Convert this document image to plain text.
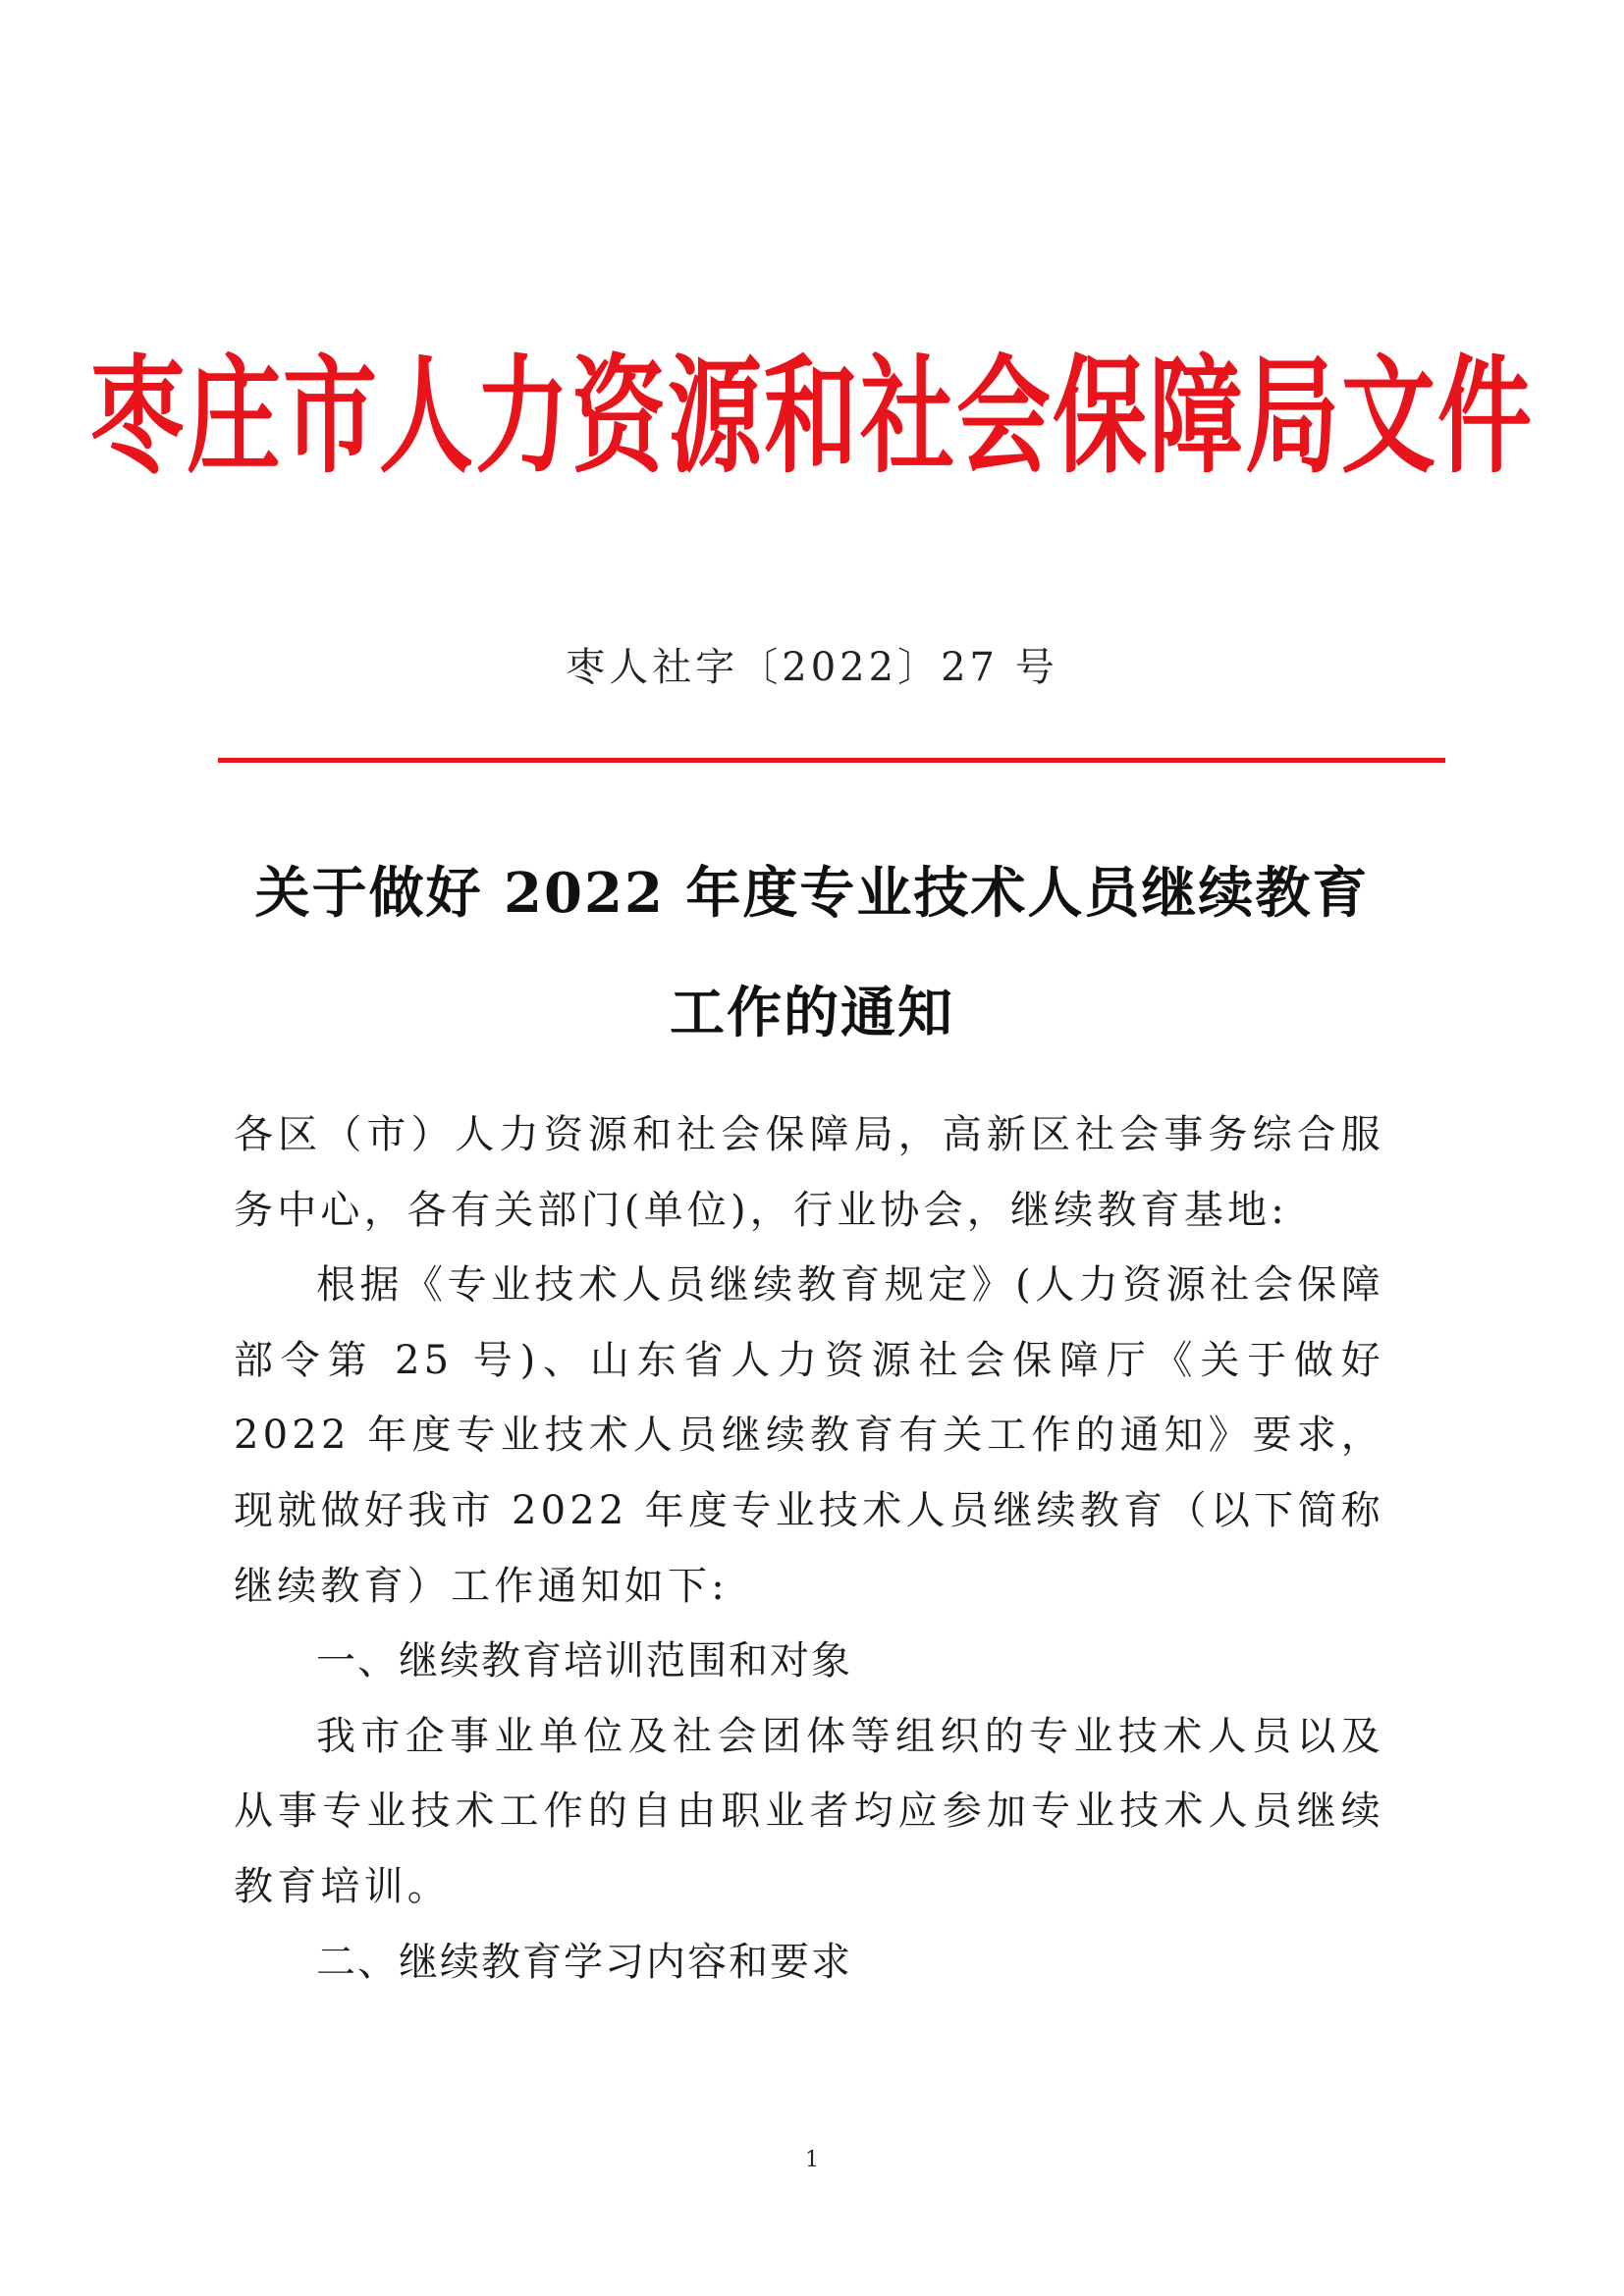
枣庄市人力资源和社会保障局文件
枣人社字〔2022〕27 号
关于做好 2022 年度专业技术人员继续教育
工作的通知

各区（市）人力资源和社会保障局，高新区社会事务综合服务中心，各有关部门(单位)，行业协会，继续教育基地:

根据《专业技术人员继续教育规定》(人力资源社会保障部令第 25 号)、山东省人力资源社会保障厅《关于做好 2022 年度专业技术人员继续教育有关工作的通知》要求，现就做好我市 2022 年度专业技术人员继续教育（以下简称继续教育）工作通知如下:

一、继续教育培训范围和对象

我市企事业单位及社会团体等组织的专业技术人员以及从事专业技术工作的自由职业者均应参加专业技术人员继续教育培训。

二、继续教育学习内容和要求

1
